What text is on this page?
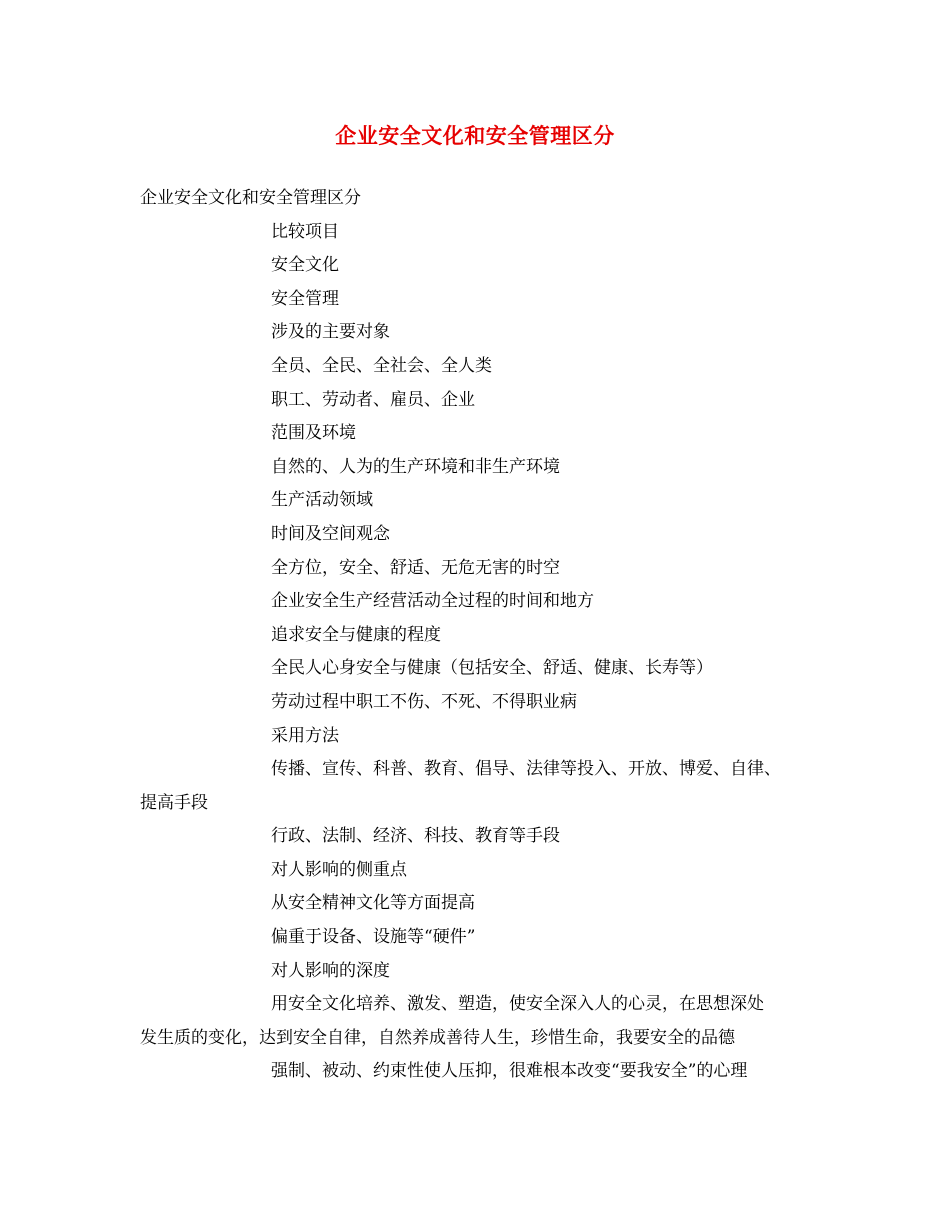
企业安全文化和安全管理区分
企业安全文化和安全管理区分
比较项目
安全文化
安全管理
涉及的主要对象
全员、全民、全社会、全人类
职工、劳动者、雇员、企业
范围及环境
自然的、人为的生产环境和非生产环境
生产活动领域
时间及空间观念
全方位，安全、舒适、无危无害的时空
企业安全生产经营活动全过程的时间和地方
追求安全与健康的程度
全民人心身安全与健康（包括安全、舒适、健康、长寿等）
劳动过程中职工不伤、不死、不得职业病
采用方法
传播、宣传、科普、教育、倡导、法律等投入、开放、博爱、自律、
提高手段
行政、法制、经济、科技、教育等手段
对人影响的侧重点
从安全精神文化等方面提高
偏重于设备、设施等“硬件”
对人影响的深度
用安全文化培养、激发、塑造，使安全深入人的心灵，在思想深处
发生质的变化，达到安全自律，自然养成善待人生，珍惜生命，我要安全的品德
强制、被动、约束性使人压抑，很难根本改变“要我安全”的心理
